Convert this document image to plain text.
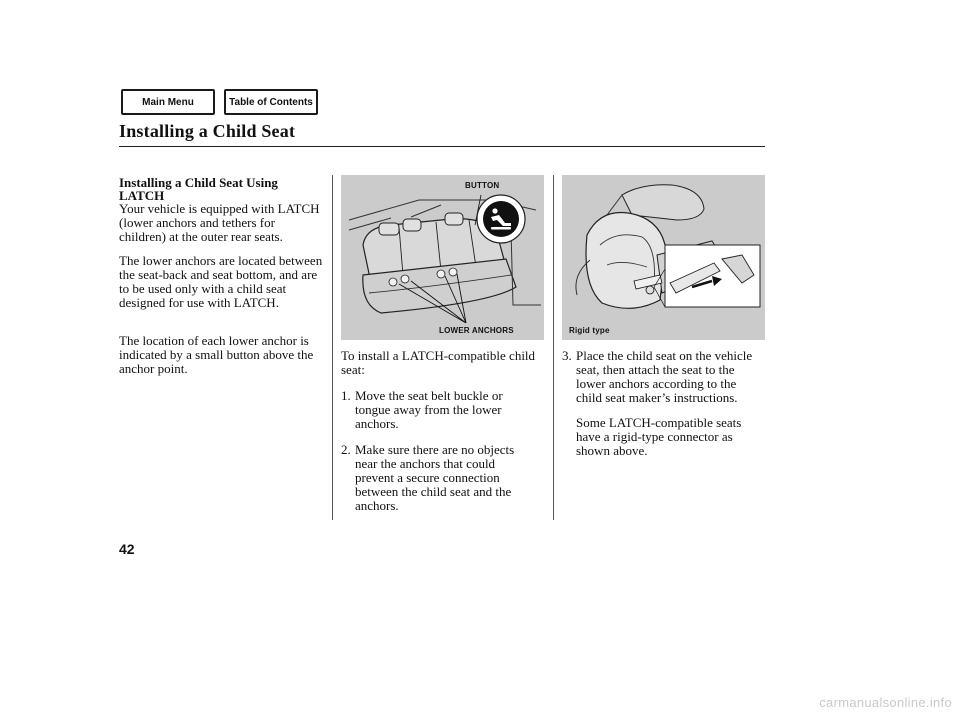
Main Menu	Table of Contents
Installing a Child Seat
Installing a Child Seat Using LATCH

Your vehicle is equipped with LATCH (lower anchors and tethers for children) at the outer rear seats.

The lower anchors are located between the seat-back and seat bottom, and are to be used only with a child seat designed for use with LATCH.

The location of each lower anchor is indicated by a small button above the anchor point.

BUTTON
LOWER ANCHORS	Rigid type

To install a LATCH-compatible child seat:

1. Move the seat belt buckle or tongue away from the lower anchors.
2. Make sure there are no objects near the anchors that could prevent a secure connection between the child seat and the anchors.
3. Place the child seat on the vehicle seat, then attach the seat to the lower anchors according to the child seat maker’s instructions.

Some LATCH-compatible seats have a rigid-type connector as shown above.

42
carmanualsonline.info
